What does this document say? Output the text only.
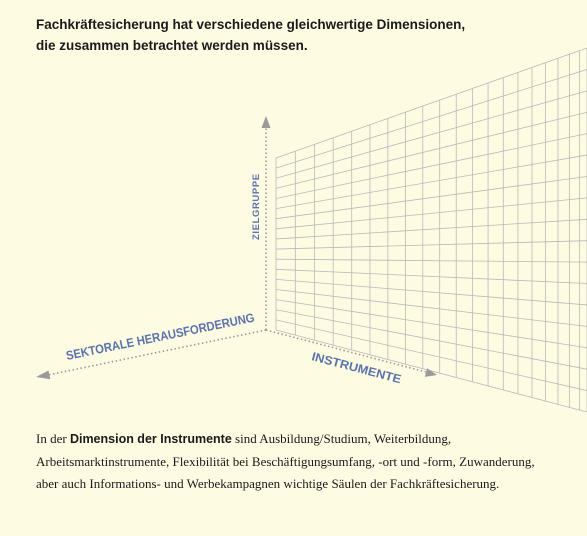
Fachkräftesicherung hat verschiedene gleichwertige Dimensionen,
die zusammen betrachtet werden müssen.
ZIELGRUPPE
SEKTORALE HERAUSFORDERUNG
INSTRUMENTE

In der Dimension der Instrumente sind Ausbildung/Studium, Weiterbildung, Arbeitsmarktinstrumente, Flexibilität bei Beschäftigungsumfang, -ort und -form, Zuwanderung, aber auch Informations- und Werbekampagnen wichtige Säulen der Fachkräftesicherung.
